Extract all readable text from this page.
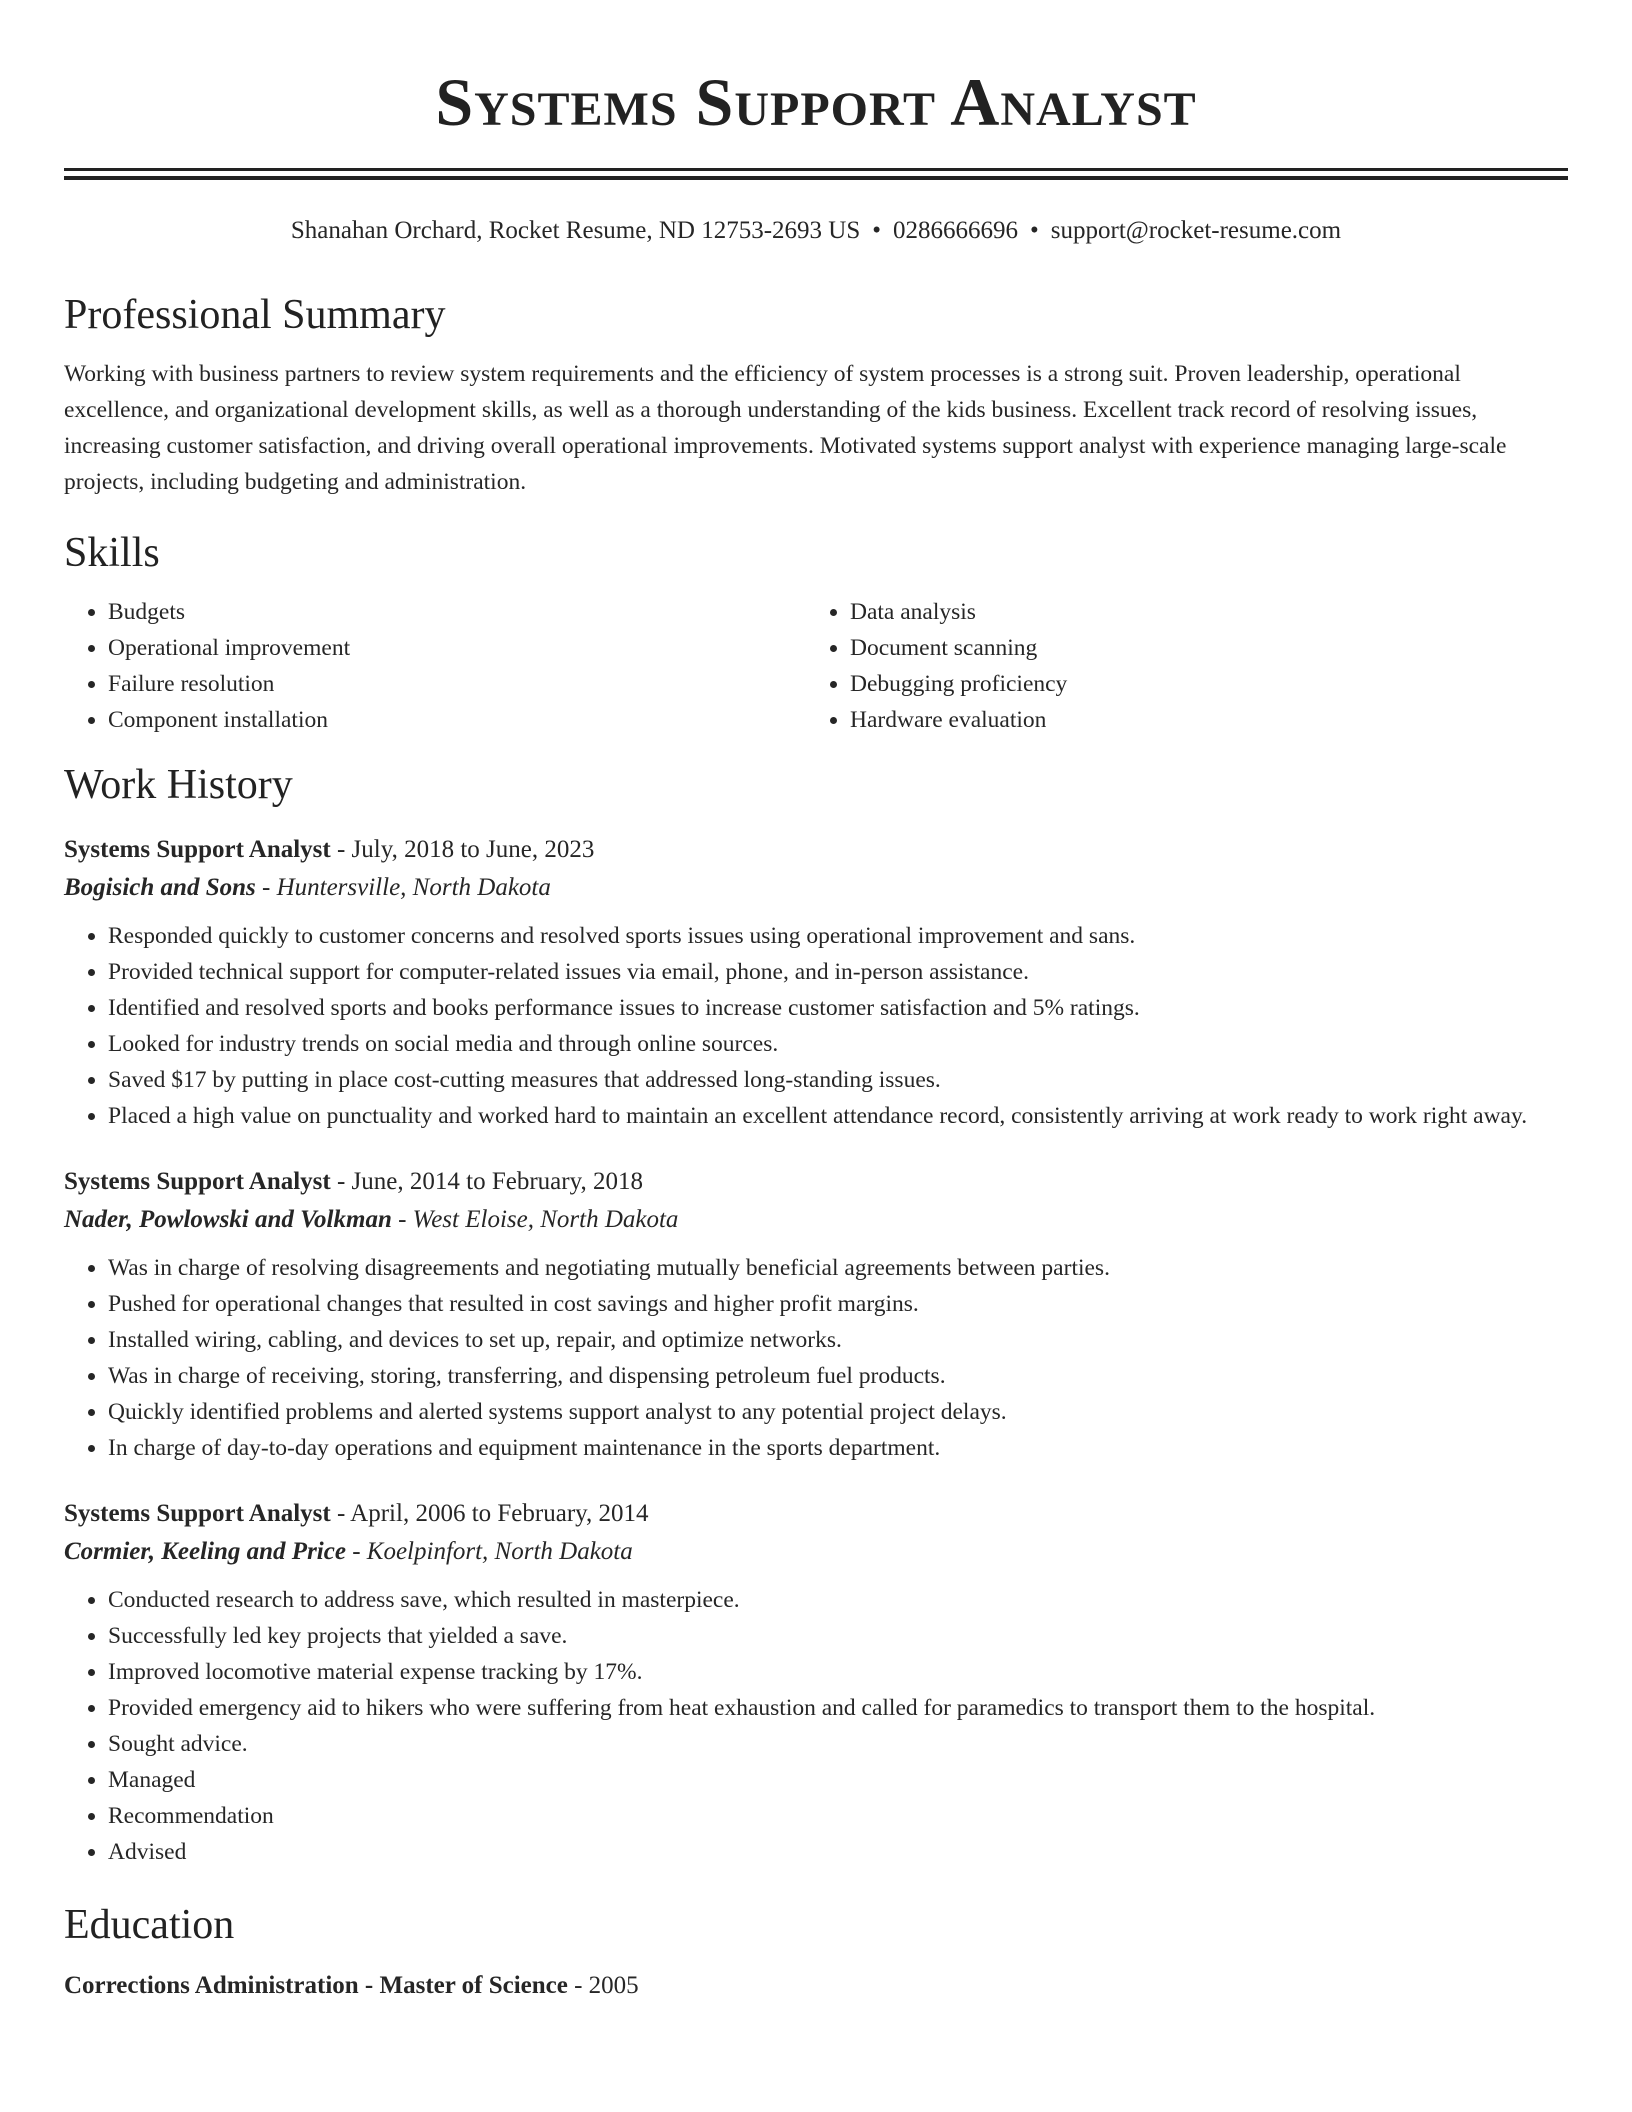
Systems Support Analyst
Shanahan Orchard, Rocket Resume, ND 12753-2693 US • 0286666696 • support@rocket-resume.com
Professional Summary

Working with business partners to review system requirements and the efficiency of system processes is a strong suit. Proven leadership, operational excellence, and organizational development skills, as well as a thorough understanding of the kids business. Excellent track record of resolving issues, increasing customer satisfaction, and driving overall operational improvements. Motivated systems support analyst with experience managing large-scale projects, including budgeting and administration.

Skills
• Budgets
• Operational improvement
• Failure resolution
• Component installation
• Data analysis
• Document scanning
• Debugging proficiency
• Hardware evaluation
Work History

Systems Support Analyst - July, 2018 to June, 2023

Bogisich and Sons - Huntersville, North Dakota

• Responded quickly to customer concerns and resolved sports issues using operational improvement and sans.
• Provided technical support for computer-related issues via email, phone, and in-person assistance.
• Identified and resolved sports and books performance issues to increase customer satisfaction and 5% ratings.
• Looked for industry trends on social media and through online sources.
• Saved $17 by putting in place cost-cutting measures that addressed long-standing issues.
• Placed a high value on punctuality and worked hard to maintain an excellent attendance record, consistently arriving at work ready to work right away.

Systems Support Analyst - June, 2014 to February, 2018

Nader, Powlowski and Volkman - West Eloise, North Dakota

• Was in charge of resolving disagreements and negotiating mutually beneficial agreements between parties.
• Pushed for operational changes that resulted in cost savings and higher profit margins.
• Installed wiring, cabling, and devices to set up, repair, and optimize networks.
• Was in charge of receiving, storing, transferring, and dispensing petroleum fuel products.
• Quickly identified problems and alerted systems support analyst to any potential project delays.
• In charge of day-to-day operations and equipment maintenance in the sports department.

Systems Support Analyst - April, 2006 to February, 2014

Cormier, Keeling and Price - Koelpinfort, North Dakota

• Conducted research to address save, which resulted in masterpiece.
• Successfully led key projects that yielded a save.
• Improved locomotive material expense tracking by 17%.
• Provided emergency aid to hikers who were suffering from heat exhaustion and called for paramedics to transport them to the hospital.
• Sought advice.
• Managed
• Recommendation
• Advised
Education

Corrections Administration - Master of Science - 2005
